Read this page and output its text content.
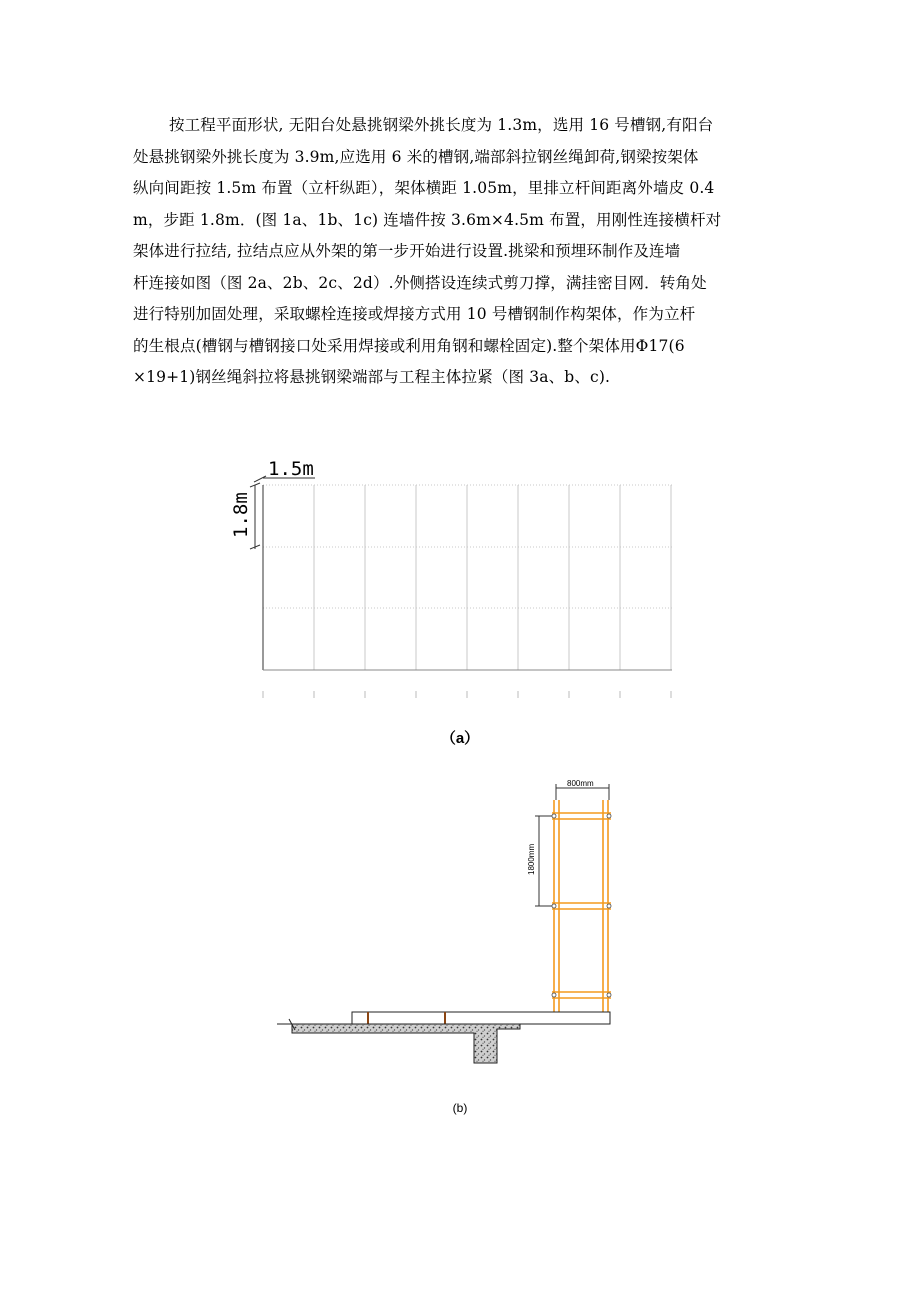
按工程平面形状, 无阳台处悬挑钢梁外挑长度为 1.3m，选用 16 号槽钢,有阳台
处悬挑钢梁外挑长度为 3.9m,应选用 6 米的槽钢,端部斜拉钢丝绳卸荷,钢梁按架体
纵向间距按 1.5m 布置（立杆纵距），架体横距 1.05m，里排立杆间距离外墙皮 0.4
m，步距 1.8m．(图 1a、1b、1c) 连墙件按 3.6m×4.5m 布置，用刚性连接横杆对
架体进行拉结, 拉结点应从外架的第一步开始进行设置.挑梁和预埋环制作及连墙
杆连接如图（图 2a、2b、2c、2d）.外侧搭设连续式剪刀撑，满挂密目网．转角处
进行特别加固处理，采取螺栓连接或焊接方式用 10 号槽钢制作构架体，作为立杆
的生根点(槽钢与槽钢接口处采用焊接或利用角钢和螺栓固定).整个架体用Φ17(6
×19+1)钢丝绳斜拉将悬挑钢梁端部与工程主体拉紧（图 3a、b、c).
1.5m
1.8m
（a）
800mm
1800mm
(b)
